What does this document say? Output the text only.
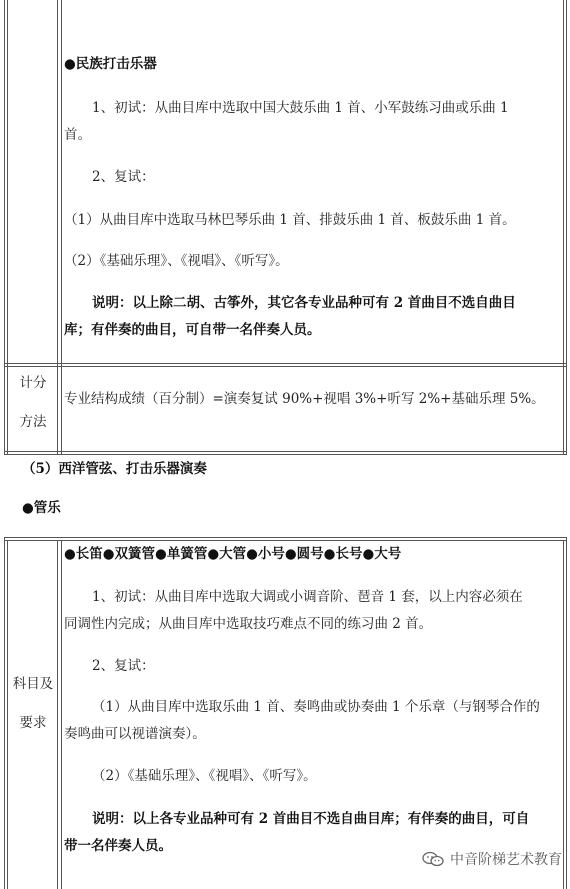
●民族打击乐器
1、初试：从曲目库中选取中国大鼓乐曲 1 首、小军鼓练习曲或乐曲 1
首。
2、复试：
（1）从曲目库中选取马林巴琴乐曲 1 首、排鼓乐曲 1 首、板鼓乐曲 1 首。
（2）《基础乐理》、《视唱》、《听写》。
说明：以上除二胡、古筝外，其它各专业品种可有 2 首曲目不选自曲目
库；有伴奏的曲目，可自带一名伴奏人员。
计分
方法
专业结构成绩（百分制）=演奏复试 90%+视唱 3%+听写 2%+基础乐理 5%。
（5）西洋管弦、打击乐器演奏
●管乐
●长笛●双簧管●单簧管●大管●小号●圆号●长号●大号
1、初试：从曲目库中选取大调或小调音阶、琶音 1 套，以上内容必须在
同调性内完成；从曲目库中选取技巧难点不同的练习曲 2 首。
2、复试：
（1）从曲目库中选取乐曲 1 首、奏鸣曲或协奏曲 1 个乐章（与钢琴合作的
奏鸣曲可以视谱演奏）。
（2）《基础乐理》、《视唱》、《听写》。
说明：以上各专业品种可有 2 首曲目不选自曲目库；有伴奏的曲目，可自
带一名伴奏人员。
科目及
要求
中音阶梯艺术教育
